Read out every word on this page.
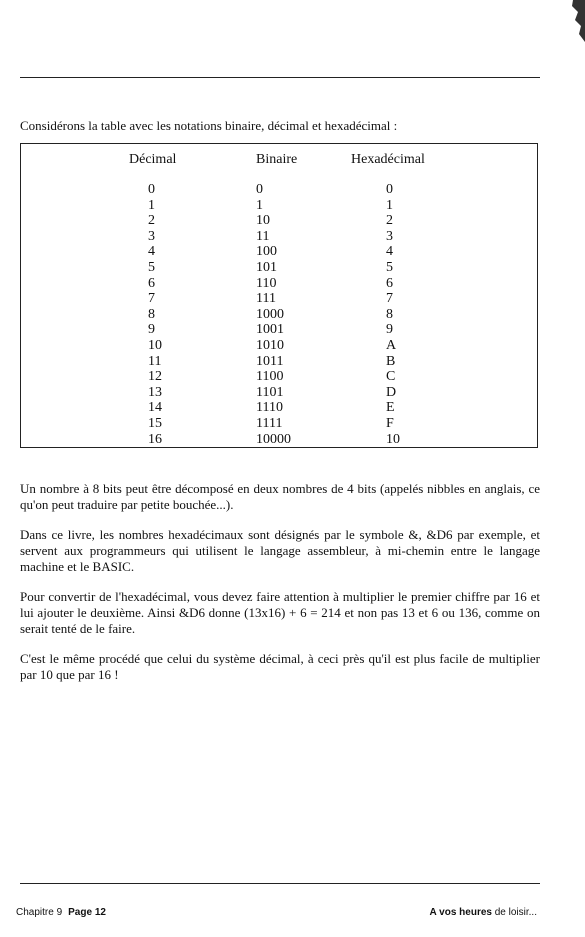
Considérons la table avec les notations binaire, décimal et hexadécimal :
Décimal
0
1
2
3
4
5
6
7
8
9
10
11
12
13
14
15
16
Binaire
0
1
10
11
100
101
110
111
1000
1001
1010
1011
1100
1101
1110
1111
10000
Hexadécimal
0
1
2
3
4
5
6
7
8
9
A
B
C
D
E
F
10

Un nombre à 8 bits peut être décomposé en deux nombres de 4 bits (appelés nibbles en anglais, ce qu'on peut traduire par petite bouchée...).

Dans ce livre, les nombres hexadécimaux sont désignés par le symbole &, &D6 par exemple, et servent aux programmeurs qui utilisent le langage assembleur, à mi-chemin entre le langage machine et le BASIC.

Pour convertir de l'hexadécimal, vous devez faire attention à multiplier le premier chiffre par 16 et lui ajouter le deuxième. Ainsi &D6 donne (13x16) + 6 = 214 et non pas 13 et 6 ou 136, comme on serait tenté de le faire.

C'est le même procédé que celui du système décimal, à ceci près qu'il est plus facile de multiplier par 10 que par 16 !

Chapitre 9 Page 12	A vos heures de loisir...
